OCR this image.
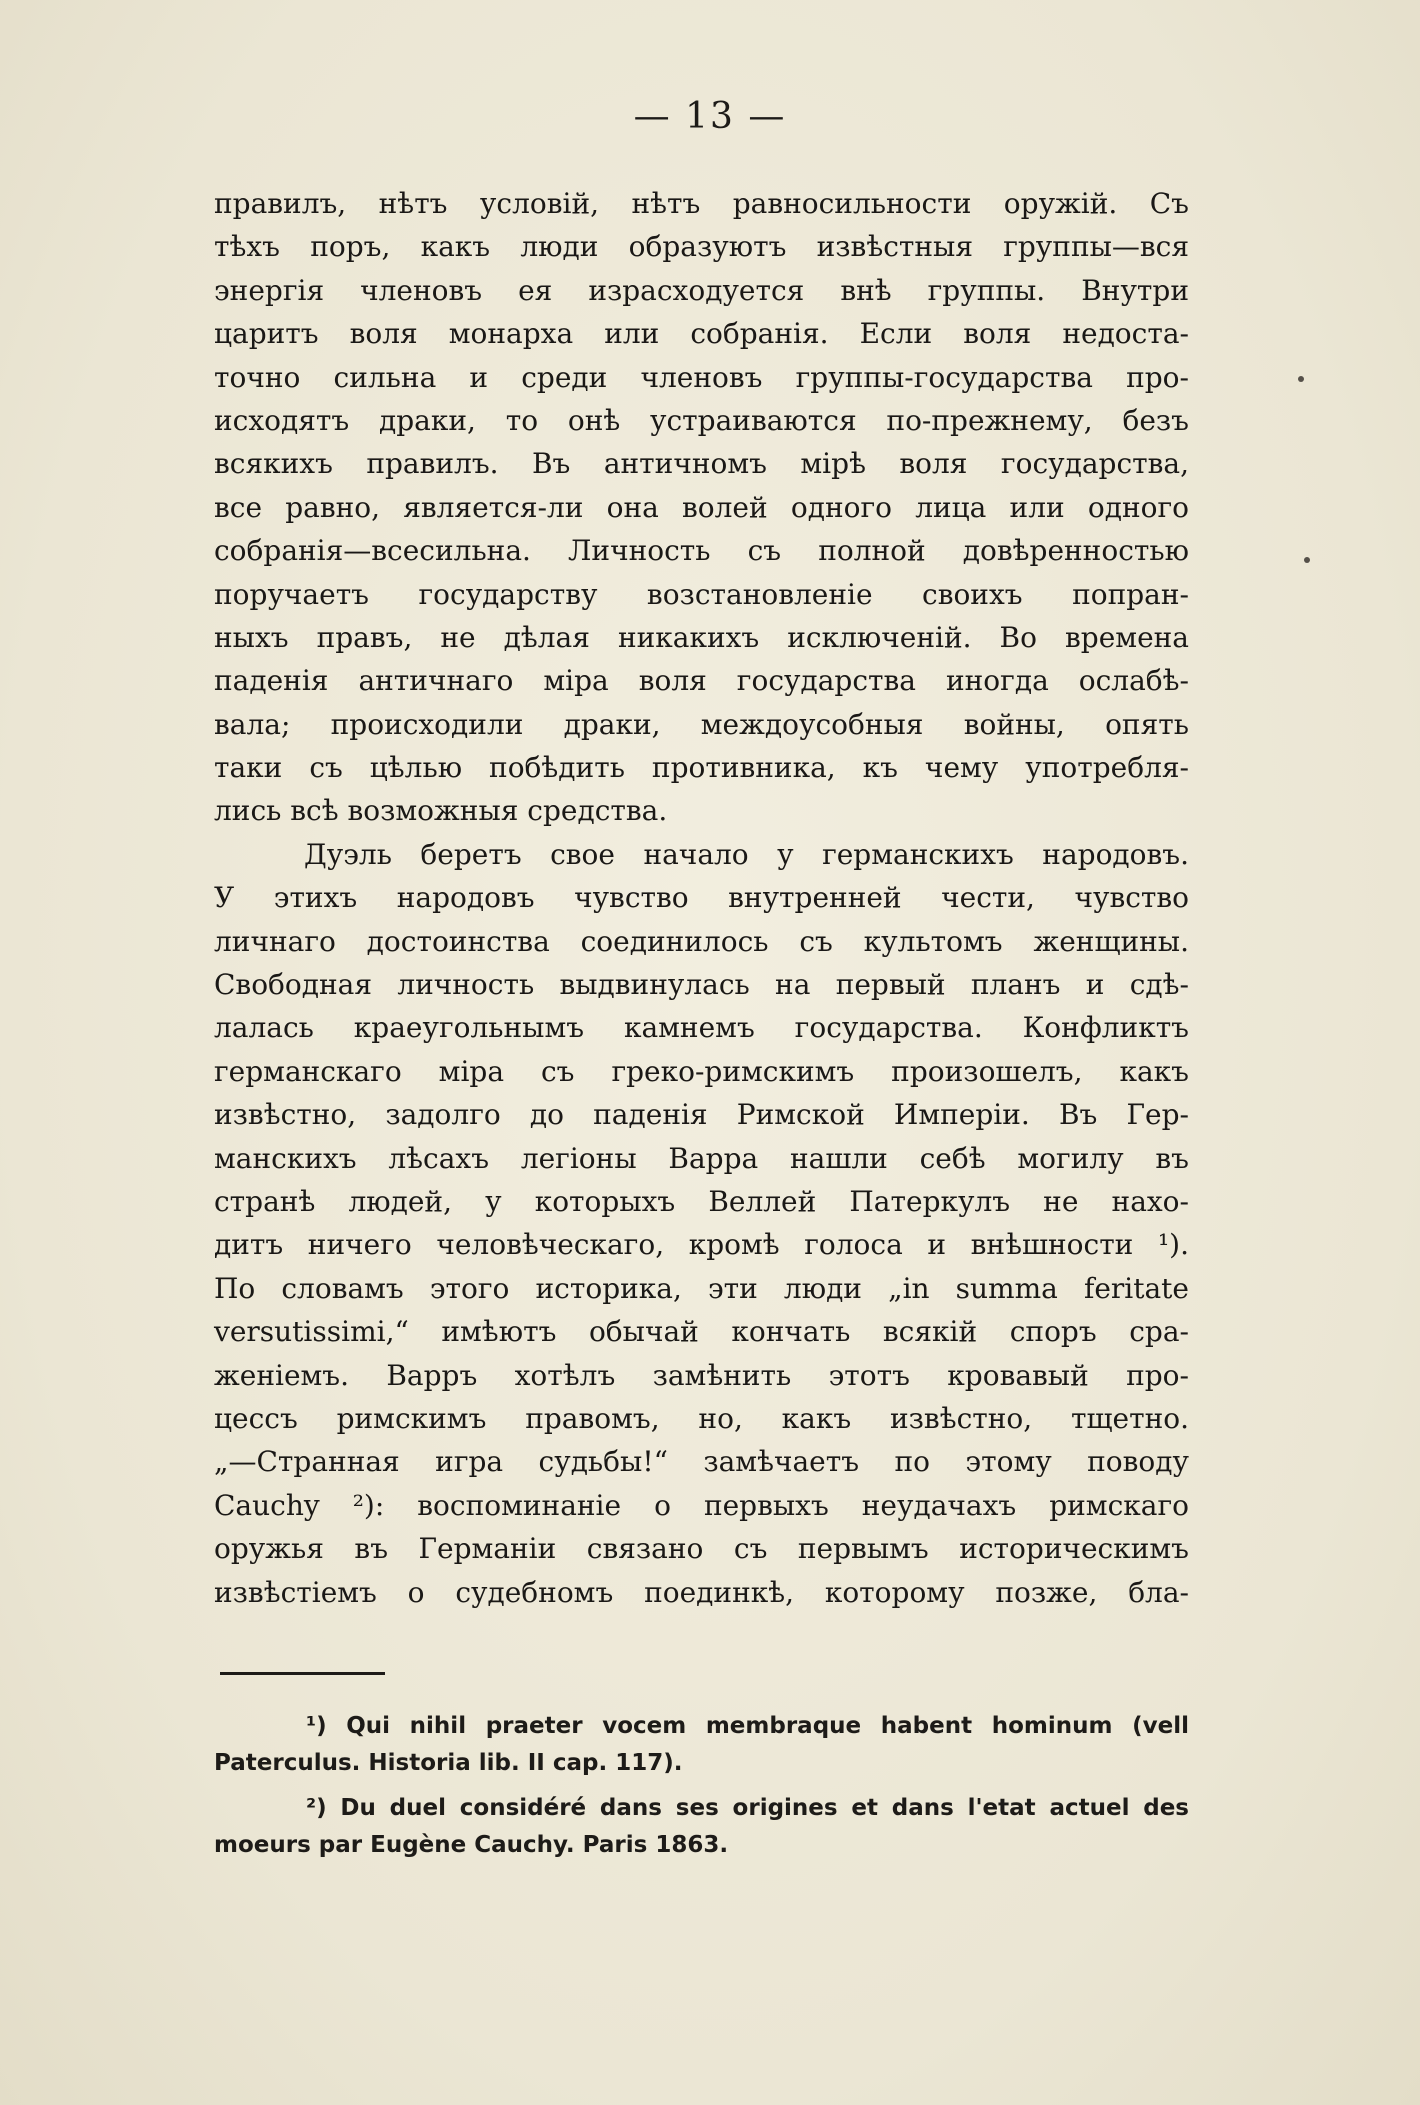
— 13 —
правилъ, нѣтъ условій, нѣтъ равносильности оружій. Съ
тѣхъ поръ, какъ люди образуютъ извѣстныя группы—вся
энергія членовъ ея израсходуется внѣ группы. Внутри
царитъ воля монарха или собранія. Если воля недоста-
точно сильна и среди членовъ группы-государства про-
исходятъ драки, то онѣ устраиваются по-прежнему, безъ
всякихъ правилъ. Въ античномъ мірѣ воля государства,
все равно, является-ли она волей одного лица или одного
собранія—всесильна. Личность съ полной довѣренностью
поручаетъ государству возстановленіе своихъ попран-
ныхъ правъ, не дѣлая никакихъ исключеній. Во времена
паденія античнаго міра воля государства иногда ослабѣ-
вала; происходили драки, междоусобныя войны, опять
таки съ цѣлью побѣдить противника, къ чему употребля-
лись всѣ возможныя средства.
Дуэль беретъ свое начало у германскихъ народовъ.
У этихъ народовъ чувство внутренней чести, чувство
личнаго достоинства соединилось съ культомъ женщины.
Свободная личность выдвинулась на первый планъ и сдѣ-
лалась краеугольнымъ камнемъ государства. Конфликтъ
германскаго міра съ греко-римскимъ произошелъ, какъ
извѣстно, задолго до паденія Римской Имперіи. Въ Гер-
манскихъ лѣсахъ легіоны Варра нашли себѣ могилу въ
странѣ людей, у которыхъ Веллей Патеркулъ не нахо-
дитъ ничего человѣческаго, кромѣ голоса и внѣшности ¹).
По словамъ этого историка, эти люди „in summa feritate
versutissimi,“ имѣютъ обычай кончать всякій споръ сра-
женіемъ. Варръ хотѣлъ замѣнить этотъ кровавый про-
цессъ римскимъ правомъ, но, какъ извѣстно, тщетно.
„—Странная игра судьбы!“ замѣчаетъ по этому поводу
Cauchy ²): воспоминаніе о первыхъ неудачахъ римскаго
оружья въ Германіи связано съ первымъ историческимъ
извѣстіемъ о судебномъ поединкѣ, которому позже, бла-
¹) Qui nihil praeter vocem membraque habent hominum (vell
Paterculus. Historia lib. II cap. 117).
²) Du duel considéré dans ses origines et dans l'etat actuel des
moeurs par Eugène Cauchy. Paris 1863.
